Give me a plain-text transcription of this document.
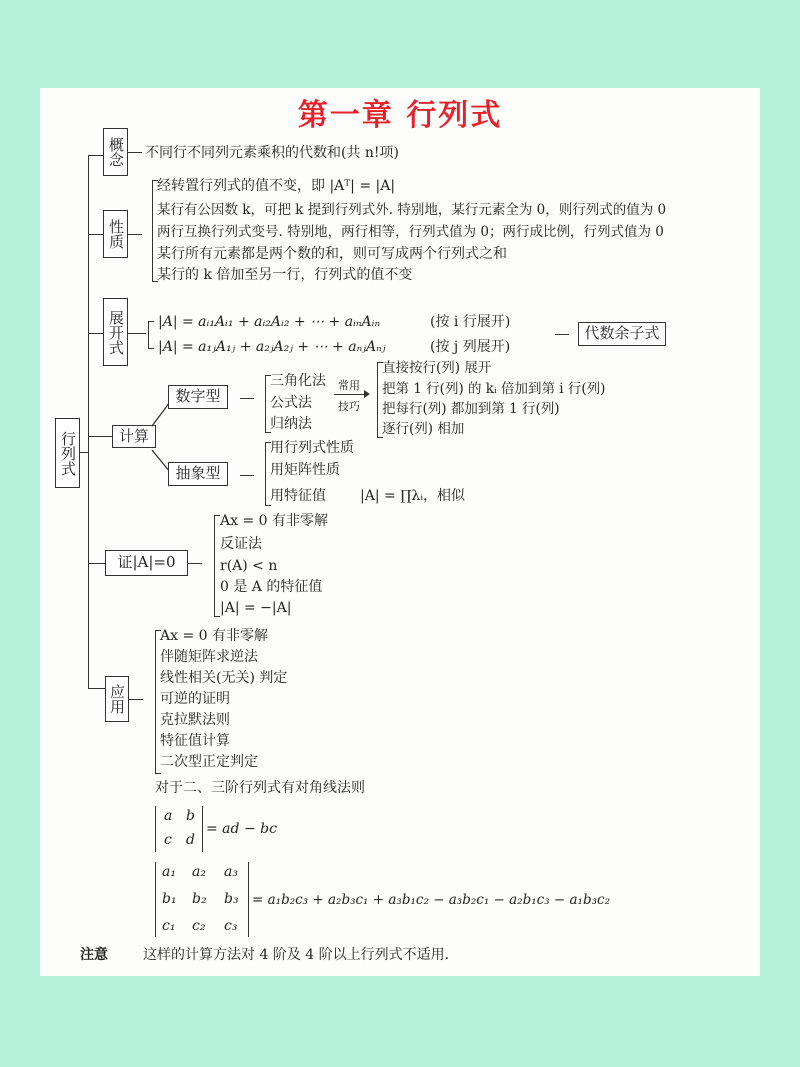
第一章 行列式
行列式
概念 不同行不同列元素乘积的代数和(共 n!项)
性质
经转置行列式的值不变，即 |Aᵀ| = |A|
某行有公因数 k，可把 k 提到行列式外. 特别地，某行元素全为 0，则行列式的值为 0
两行互换行列式变号. 特别地，两行相等，行列式值为 0；两行成比例，行列式值为 0
某行所有元素都是两个数的和，则可写成两个行列式之和
某行的 k 倍加至另一行，行列式的值不变
展开式 |A| = aᵢ₁Aᵢ₁ + aᵢ₂Aᵢ₂ + ⋯ + aᵢₙAᵢₙ	(按 i 行展开)
|A| = a₁ⱼA₁ⱼ + a₂ⱼA₂ⱼ + ⋯ + aₙⱼAₙⱼ	(按 j 列展开)
代数余子式
计算
数字型
三角化法
公式法
归纳法
常用
技巧
直接按行(列) 展开
把第 1 行(列) 的 kᵢ 倍加到第 i 行(列)
把每行(列) 都加到第 1 行(列)
逐行(列) 相加
抽象型
用行列式性质
用矩阵性质
用特征值 |A| = ∏λᵢ，相似
证|A|=0
Ax = 0 有非零解
反证法
r(A) < n
0 是 A 的特征值
|A| = −|A|
应用
Ax = 0 有非零解
伴随矩阵求逆法
线性相关(无关) 判定
可逆的证明
克拉默法则
特征值计算
二次型正定判定
对于二、三阶行列式有对角线法则
a b
c d
= ad − bc
a₁ a₂ a₃
b₁ b₂ b₃
c₁ c₂ c₃
= a₁b₂c₃ + a₂b₃c₁ + a₃b₁c₂ − a₃b₂c₁ − a₂b₁c₃ − a₁b₃c₂
注意	这样的计算方法对 4 阶及 4 阶以上行列式不适用.
